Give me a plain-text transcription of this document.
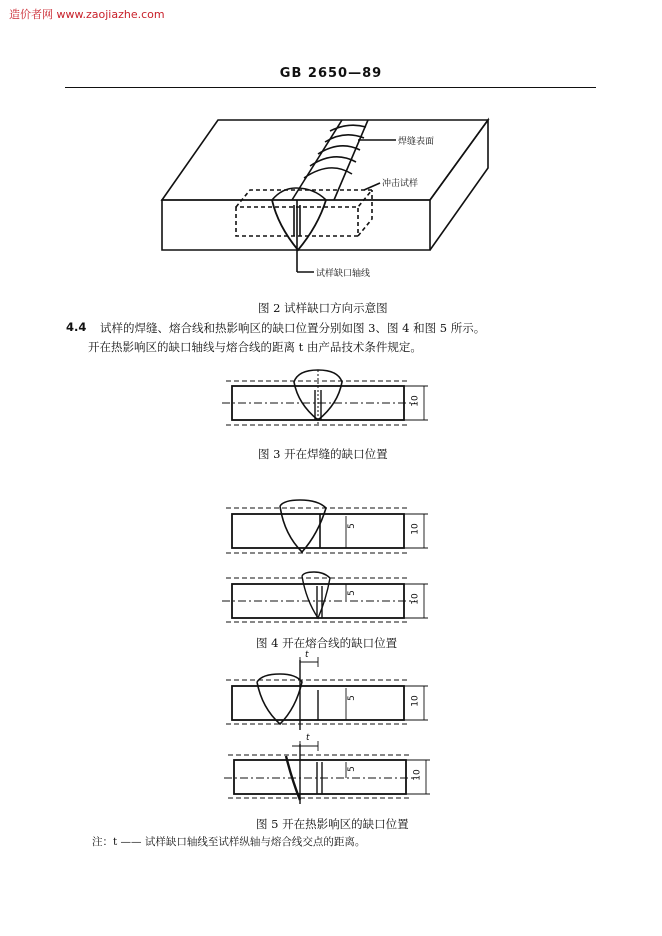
造价者网 www.zaojiazhe.com
GB 2650—89
焊缝表面
冲击试样
试样缺口轴线
图 2 试样缺口方向示意图
4.4 试样的焊缝、熔合线和热影响区的缺口位置分别如图 3、图 4 和图 5 所示。
开在热影响区的缺口轴线与熔合线的距离 t 由产品技术条件规定。
10
图 3 开在焊缝的缺口位置
5	10
5
10
图 4 开在熔合线的缺口位置
t
5	10
t
5
10
图 5 开在热影响区的缺口位置
注：t —— 试样缺口轴线至试样纵轴与熔合线交点的距离。
